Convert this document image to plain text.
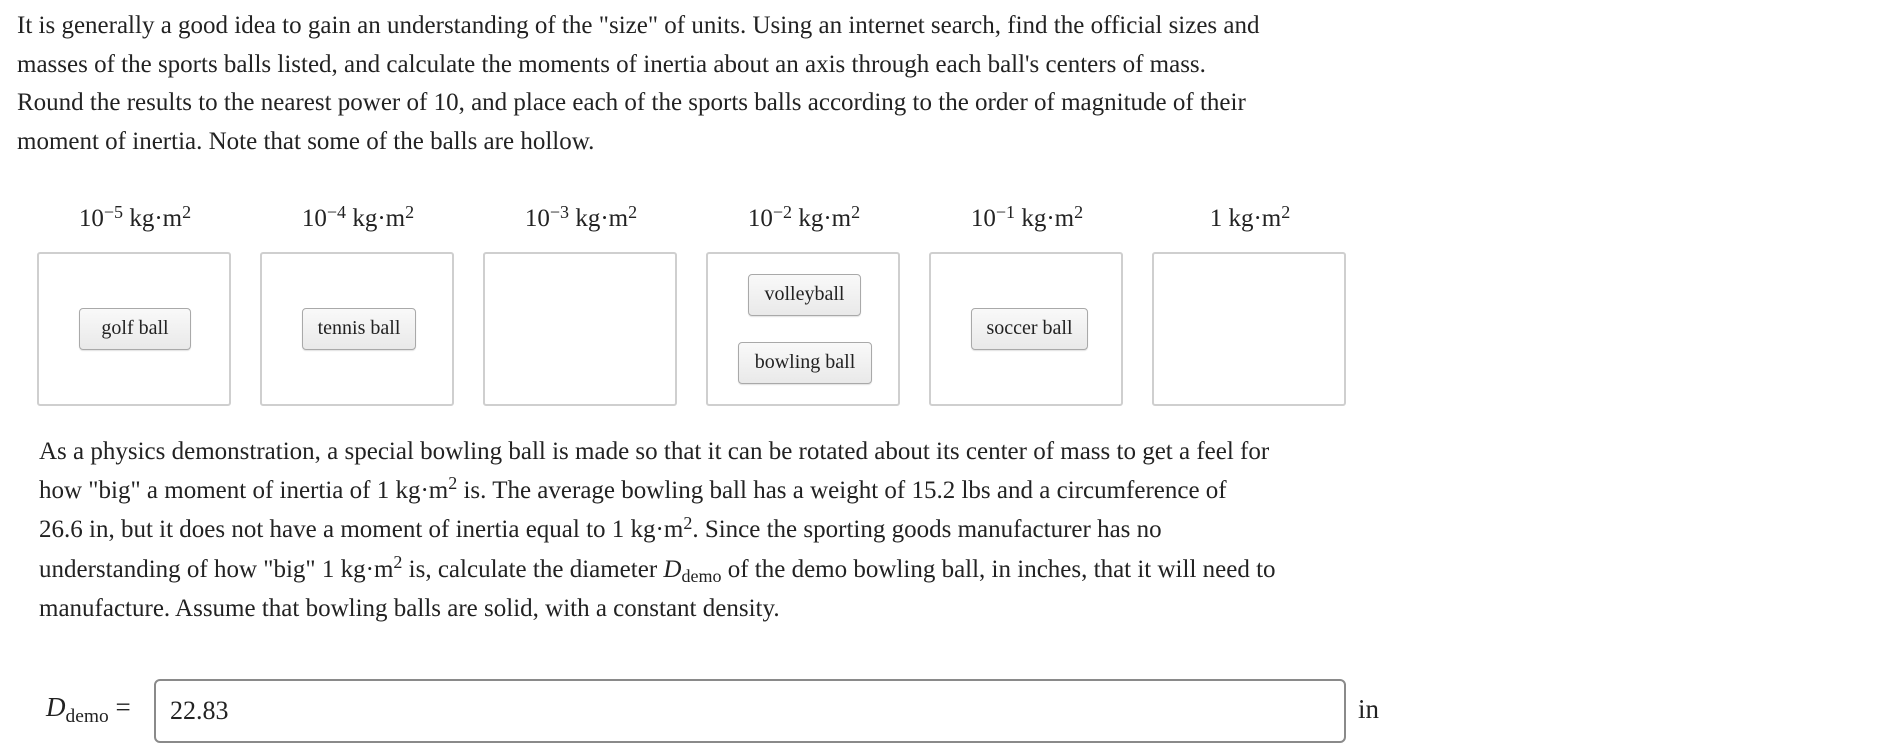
It is generally a good idea to gain an understanding of the "size" of units. Using an internet search, find the official sizes and
masses of the sports balls listed, and calculate the moments of inertia about an axis through each ball's centers of mass.
Round the results to the nearest power of 10, and place each of the sports balls according to the order of magnitude of their
moment of inertia. Note that some of the balls are hollow.

$10^{-5}$ $kg\cdot m^2$	$10^{-4}$ $kg\cdot m^2$	$10^{-3}$ $kg\cdot m^2$	$10^{-2}$ $kg\cdot m^2$	$10^{-1}$ $kg\cdot m^2$	1 $kg\cdot m^2$
golf ball	tennis ball
volleyball
bowling ball
soccer ball

As a physics demonstration, a special bowling ball is made so that it can be rotated about its center of mass to get a feel for
how "big" a moment of inertia of 1 $kg\cdot m^2$ is. The average bowling ball has a weight of 15.2 lbs and a circumference of
26.6 in, but it does not have a moment of inertia equal to 1 $kg\cdot m^2$. Since the sporting goods manufacturer has no
understanding of how "big" 1 $kg\cdot m^2$ is, calculate the diameter $D_{demo}$ of the demo bowling ball, in inches, that it will need to
manufacture. Assume that bowling balls are solid, with a constant density.

$D_{demo}$ =
22.83	in
